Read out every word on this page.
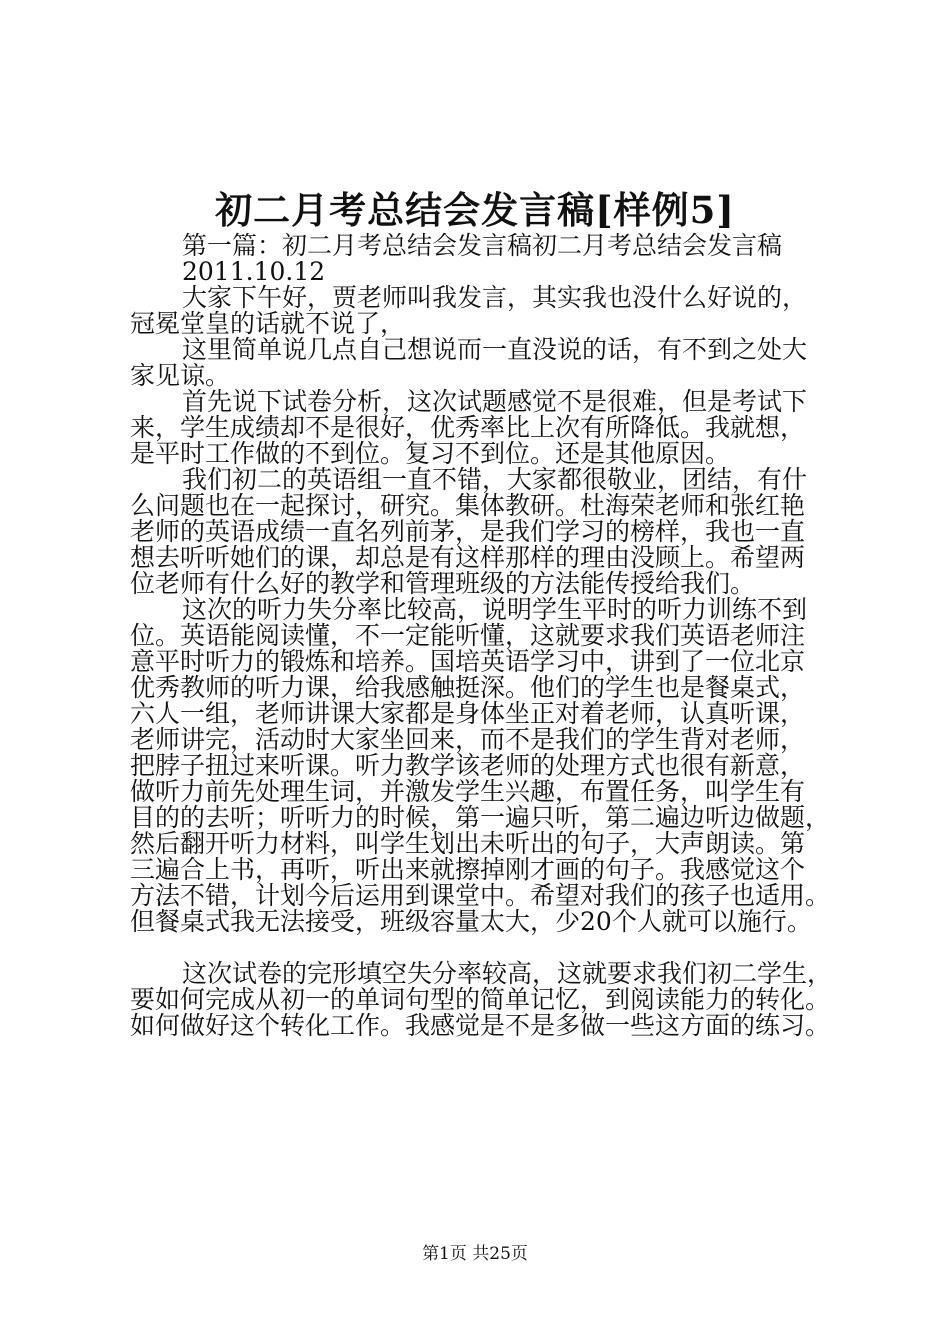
初二月考总结会发言稿[样例5]
第一篇：初二月考总结会发言稿初二月考总结会发言稿
2011.10.12
大家下午好，贾老师叫我发言，其实我也没什么好说的，
冠冕堂皇的话就不说了，
这里简单说几点自己想说而一直没说的话，有不到之处大
家见谅。
首先说下试卷分析，这次试题感觉不是很难，但是考试下
来，学生成绩却不是很好，优秀率比上次有所降低。我就想，
是平时工作做的不到位。复习不到位。还是其他原因。
我们初二的英语组一直不错，大家都很敬业，团结，有什
么问题也在一起探讨，研究。集体教研。杜海荣老师和张红艳
老师的英语成绩一直名列前茅，是我们学习的榜样，我也一直
想去听听她们的课，却总是有这样那样的理由没顾上。希望两
位老师有什么好的教学和管理班级的方法能传授给我们。
这次的听力失分率比较高，说明学生平时的听力训练不到
位。英语能阅读懂，不一定能听懂，这就要求我们英语老师注
意平时听力的锻炼和培养。国培英语学习中，讲到了一位北京
优秀教师的听力课，给我感触挺深。他们的学生也是餐桌式，
六人一组，老师讲课大家都是身体坐正对着老师，认真听课，
老师讲完，活动时大家坐回来，而不是我们的学生背对老师，
把脖子扭过来听课。听力教学该老师的处理方式也很有新意，
做听力前先处理生词，并激发学生兴趣，布置任务，叫学生有
目的的去听；听听力的时候，第一遍只听，第二遍边听边做题，
然后翻开听力材料，叫学生划出未听出的句子，大声朗读。第
三遍合上书，再听，听出来就擦掉刚才画的句子。我感觉这个
方法不错，计划今后运用到课堂中。希望对我们的孩子也适用。
但餐桌式我无法接受，班级容量太大，少20个人就可以施行。
这次试卷的完形填空失分率较高，这就要求我们初二学生，
要如何完成从初一的单词句型的简单记忆，到阅读能力的转化。
如何做好这个转化工作。我感觉是不是多做一些这方面的练习。
第1页 共25页
